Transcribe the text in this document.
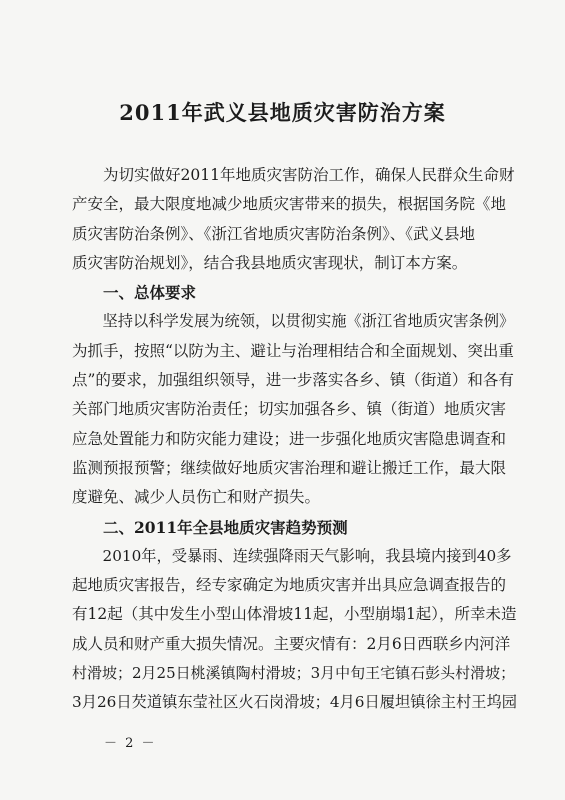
2011年武义县地质灾害防治方案
　　为切实做好2011年地质灾害防治工作，确保人民群众生命财
产安全，最大限度地减少地质灾害带来的损失，根据国务院《地
质灾害防治条例》、《浙江省地质灾害防治条例》、《武义县地
质灾害防治规划》，结合我县地质灾害现状，制订本方案。
　　一、总体要求
　　坚持以科学发展为统领，以贯彻实施《浙江省地质灾害条例》
为抓手，按照“以防为主、避让与治理相结合和全面规划、突出重
点”的要求，加强组织领导，进一步落实各乡、镇（街道）和各有
关部门地质灾害防治责任；切实加强各乡、镇（街道）地质灾害
应急处置能力和防灾能力建设；进一步强化地质灾害隐患调查和
监测预报预警；继续做好地质灾害治理和避让搬迁工作，最大限
度避免、减少人员伤亡和财产损失。
　　二、2011年全县地质灾害趋势预测
　　2010年，受暴雨、连续强降雨天气影响，我县境内接到40多
起地质灾害报告，经专家确定为地质灾害并出具应急调查报告的
有12起（其中发生小型山体滑坡11起，小型崩塌1起），所幸未造
成人员和财产重大损失情况。主要灾情有：2月6日西联乡内河洋
村滑坡；2月25日桃溪镇陶村滑坡；3月中旬王宅镇石彭头村滑坡；
3月26日芡道镇东莹社区火石岗滑坡；4月6日履坦镇徐主村王坞园
－ 2 －
